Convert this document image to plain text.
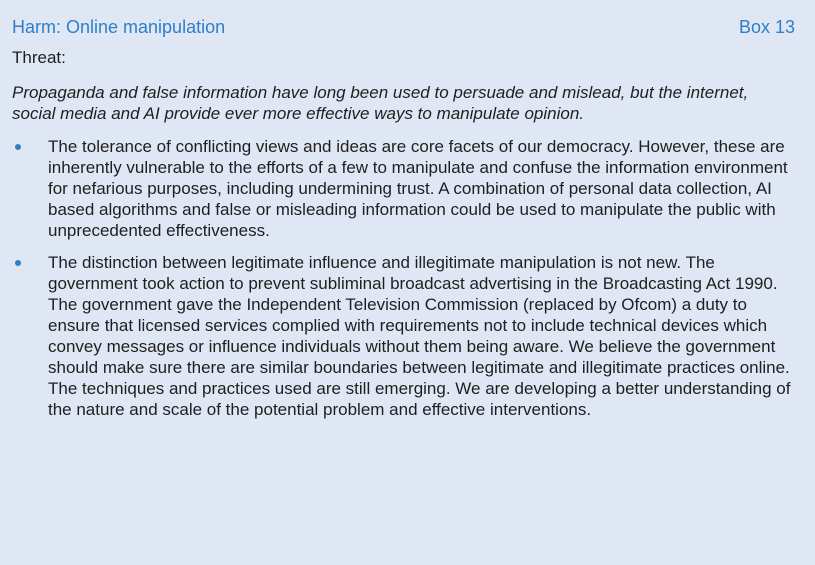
Harm: Online manipulation	Box 13
Threat:
Propaganda and false information have long been used to persuade and mislead, but the internet, social media and AI provide ever more effective ways to manipulate opinion.
The tolerance of conflicting views and ideas are core facets of our democracy. However, these are inherently vulnerable to the efforts of a few to manipulate and confuse the information environment for nefarious purposes, including undermining trust. A combination of personal data collection, AI based algorithms and false or misleading information could be used to manipulate the public with unprecedented effectiveness.
The distinction between legitimate influence and illegitimate manipulation is not new. The government took action to prevent subliminal broadcast advertising in the Broadcasting Act 1990. The government gave the Independent Television Commission (replaced by Ofcom) a duty to ensure that licensed services complied with requirements not to include technical devices which convey messages or influence individuals without them being aware. We believe the government should make sure there are similar boundaries between legitimate and illegitimate practices online. The techniques and practices used are still emerging. We are developing a better understanding of the nature and scale of the potential problem and effective interventions.
